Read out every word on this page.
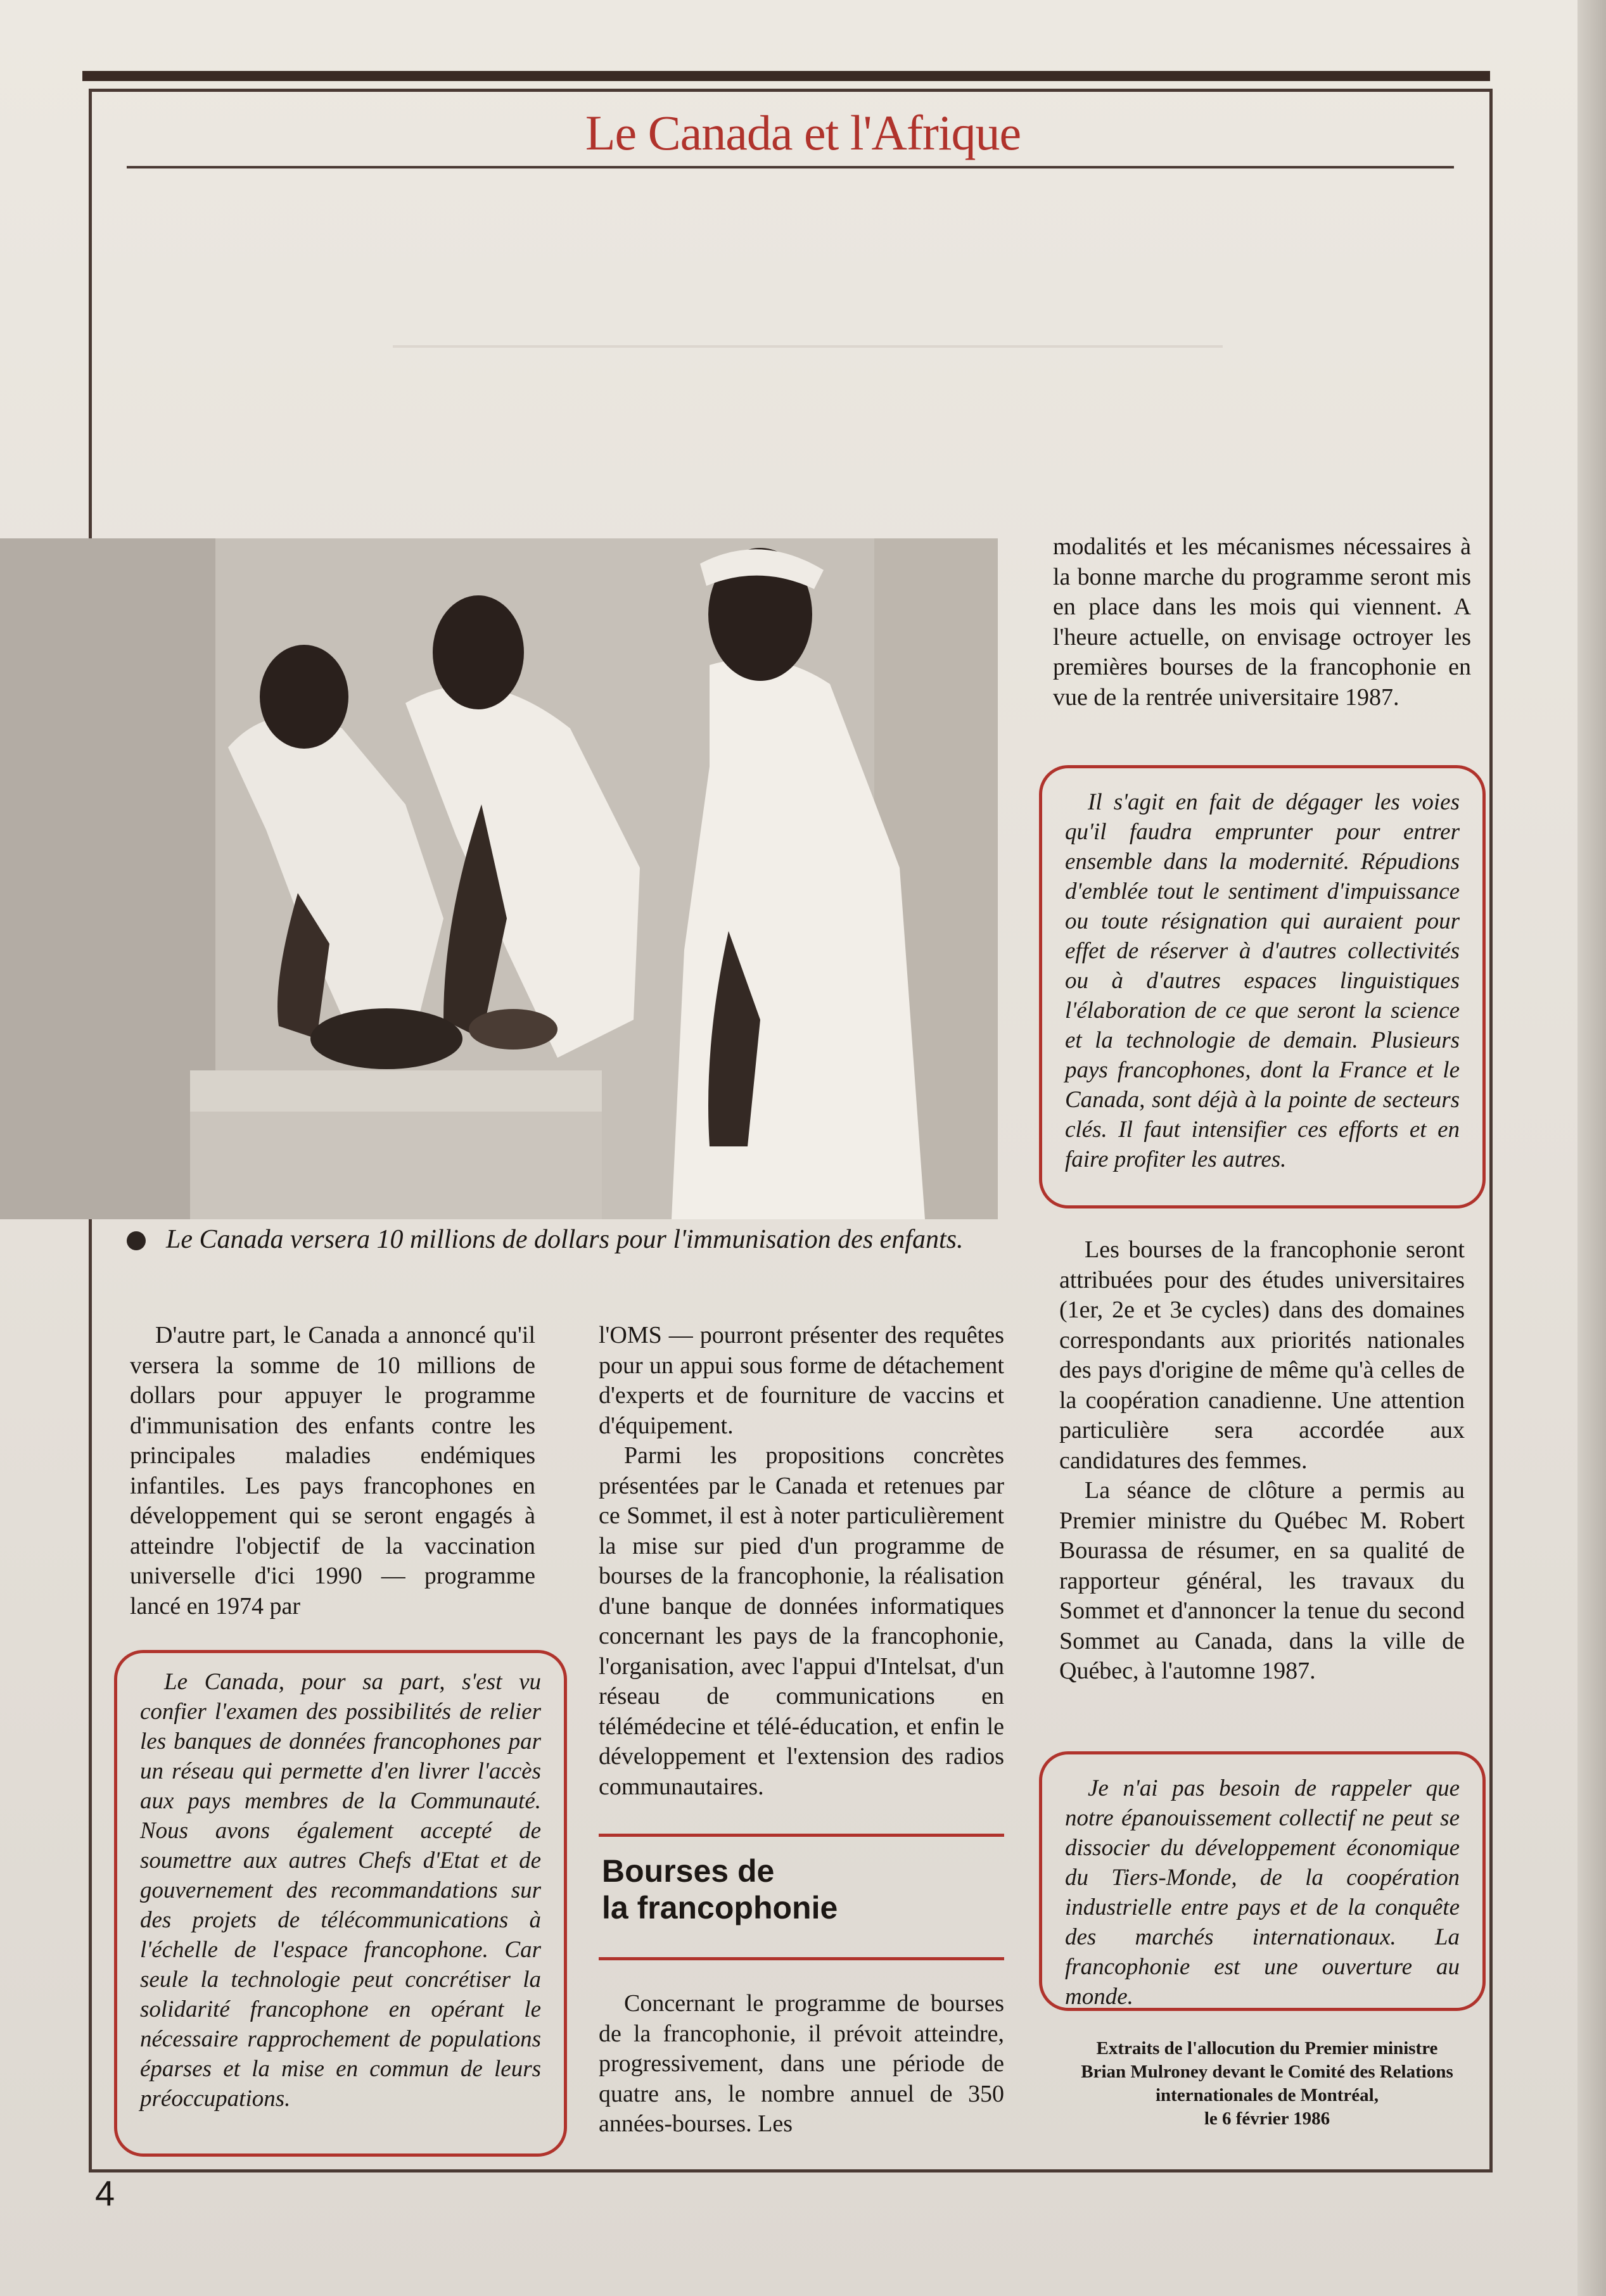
Le Canada et l'Afrique
Le Canada versera 10 millions de dollars pour l'immunisation des enfants.

D'autre part, le Canada a annoncé qu'il versera la somme de 10 millions de dollars pour appuyer le programme d'immunisation des enfants contre les principales maladies endémiques infantiles. Les pays francophones en développement qui se seront engagés à atteindre l'objectif de la vaccination universelle d'ici 1990 — programme lancé en 1974 par

Le Canada, pour sa part, s'est vu confier l'examen des possibilités de relier les banques de données francophones par un réseau qui permette d'en livrer l'accès aux pays membres de la Communauté. Nous avons également accepté de soumettre aux autres Chefs d'Etat et de gouvernement des recommandations sur des projets de télécommunications à l'échelle de l'espace francophone. Car seule la technologie peut concrétiser la solidarité francophone en opérant le nécessaire rapprochement de populations éparses et la mise en commun de leurs préoccupations.

l'OMS — pourront présenter des requêtes pour un appui sous forme de détachement d'experts et de fourniture de vaccins et d'équipement.

Parmi les propositions concrètes présentées par le Canada et retenues par ce Sommet, il est à noter particulièrement la mise sur pied d'un programme de bourses de la francophonie, la réalisation d'une banque de données informatiques concernant les pays de la francophonie, l'organisation, avec l'appui d'Intelsat, d'un réseau de communications en télémédecine et télé-éducation, et enfin le développement et l'extension des radios communautaires.

Bourses de
la francophonie

Concernant le programme de bourses de la francophonie, il prévoit atteindre, progressivement, dans une période de quatre ans, le nombre annuel de 350 années-bourses. Les

modalités et les mécanismes nécessaires à la bonne marche du programme seront mis en place dans les mois qui viennent. A l'heure actuelle, on envisage octroyer les premières bourses de la francophonie en vue de la rentrée universitaire 1987.

Il s'agit en fait de dégager les voies qu'il faudra emprunter pour entrer ensemble dans la modernité. Répudions d'emblée tout le sentiment d'impuissance ou toute résignation qui auraient pour effet de réserver à d'autres collectivités ou à d'autres espaces linguistiques l'élaboration de ce que seront la science et la technologie de demain. Plusieurs pays francophones, dont la France et le Canada, sont déjà à la pointe de secteurs clés. Il faut intensifier ces efforts et en faire profiter les autres.

Les bourses de la francophonie seront attribuées pour des études universitaires (1er, 2e et 3e cycles) dans des domaines correspondants aux priorités nationales des pays d'origine de même qu'à celles de la coopération canadienne. Une attention particulière sera accordée aux candidatures des femmes.

La séance de clôture a permis au Premier ministre du Québec M. Robert Bourassa de résumer, en sa qualité de rapporteur général, les travaux du Sommet et d'annoncer la tenue du second Sommet au Canada, dans la ville de Québec, à l'automne 1987.

Je n'ai pas besoin de rappeler que notre épanouissement collectif ne peut se dissocier du développement économique du Tiers-Monde, de la coopération industrielle entre pays et de la conquête des marchés internationaux. La francophonie est une ouverture au monde.

Extraits de l'allocution du Premier ministre
Brian Mulroney devant le Comité des Relations
internationales de Montréal,
le 6 février 1986
4
